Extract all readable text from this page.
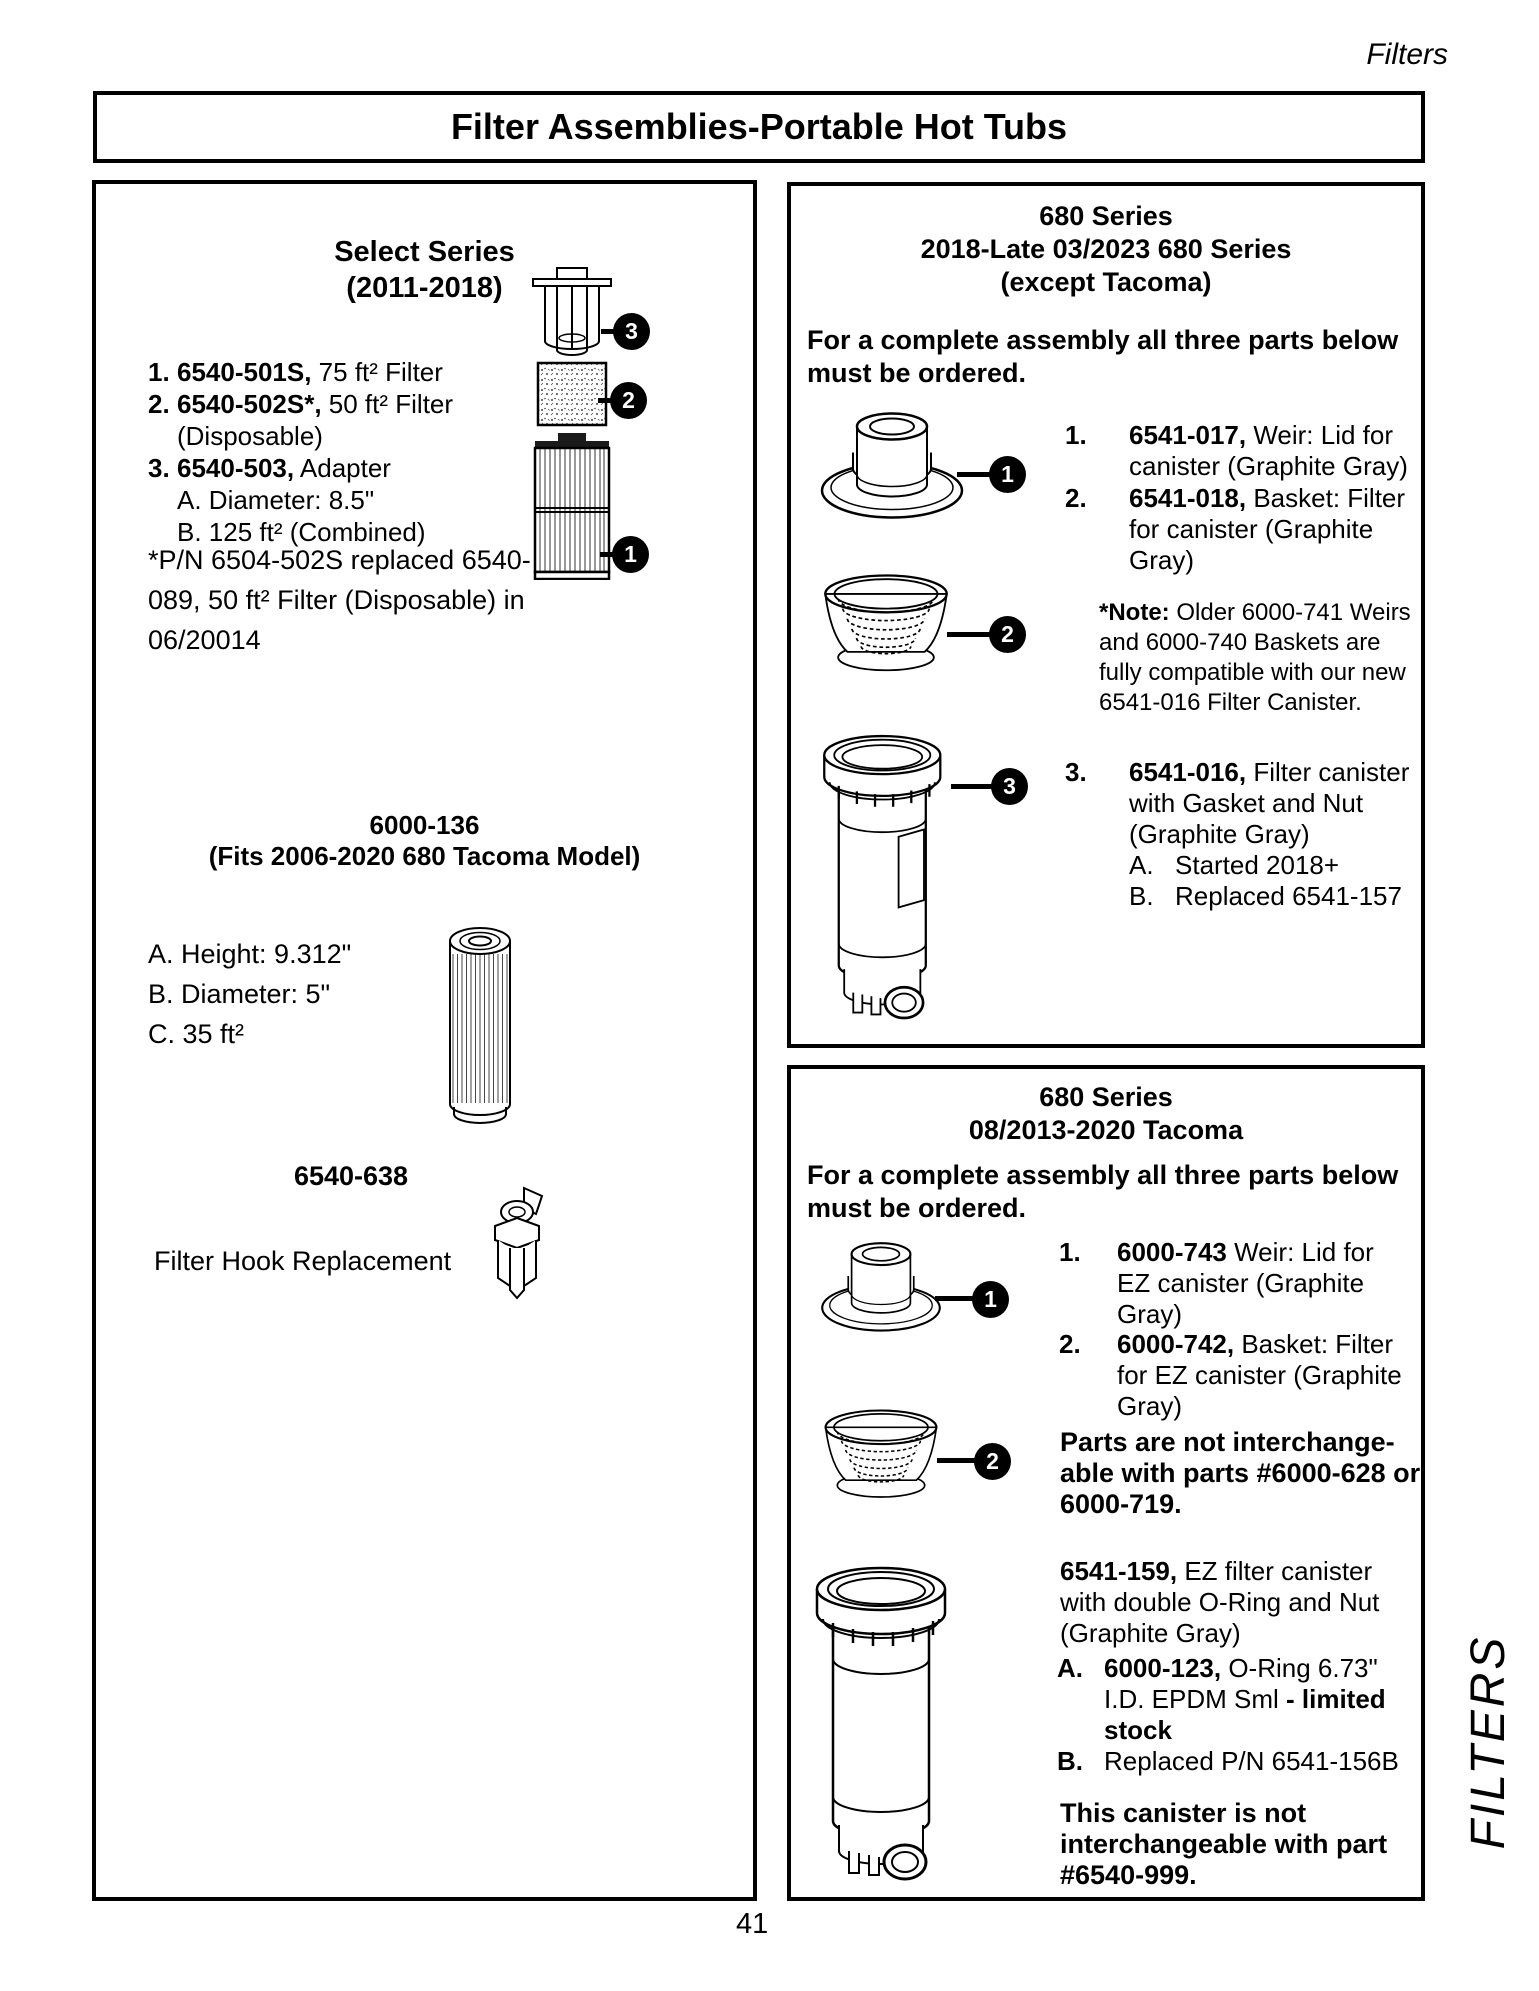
Filters
Filter Assemblies-Portable Hot Tubs
Select Series
(2011-2018)
1. 6540-501S, 75 ft² Filter
2. 6540-502S*, 50 ft² Filter
(Disposable)
3. 6540-503, Adapter
A. Diameter: 8.5"
B. 125 ft² (Combined)
3
2
1
*P/N 6504-502S replaced 6540-
089, 50 ft² Filter (Disposable) in
06/20014
6000-136
(Fits 2006-2020 680 Tacoma Model)
A. Height: 9.312"
B. Diameter: 5"
C. 35 ft²
6540-638
Filter Hook Replacement
680 Series
2018-Late 03/2023 680 Series
(except Tacoma)
For a complete assembly all three parts below
must be ordered.
1
2
3
1.	6541-017, Weir: Lid for
canister (Graphite Gray)
2.	6541-018, Basket: Filter
for canister (Graphite
Gray)
*Note: Older 6000-741 Weirs
and 6000-740 Baskets are
fully compatible with our new
6541-016 Filter Canister.
3.	6541-016, Filter canister
with Gasket and Nut
(Graphite Gray)
A. Started 2018+
B. Replaced 6541-157
680 Series
08/2013-2020 Tacoma
For a complete assembly all three parts below
must be ordered.
1
2
1.	6000-743 Weir: Lid for
EZ canister (Graphite
Gray)
2.	6000-742, Basket: Filter
for EZ canister (Graphite
Gray)
Parts are not interchange-
able with parts #6000-628 or
6000-719.
6541-159, EZ filter canister
with double O-Ring and Nut
(Graphite Gray)
A. 6000-123, O-Ring 6.73"
I.D. EPDM Sml - limited
stock
B. Replaced P/N 6541-156B
This canister is not
interchangeable with part
#6540-999.
41
FILTERS
